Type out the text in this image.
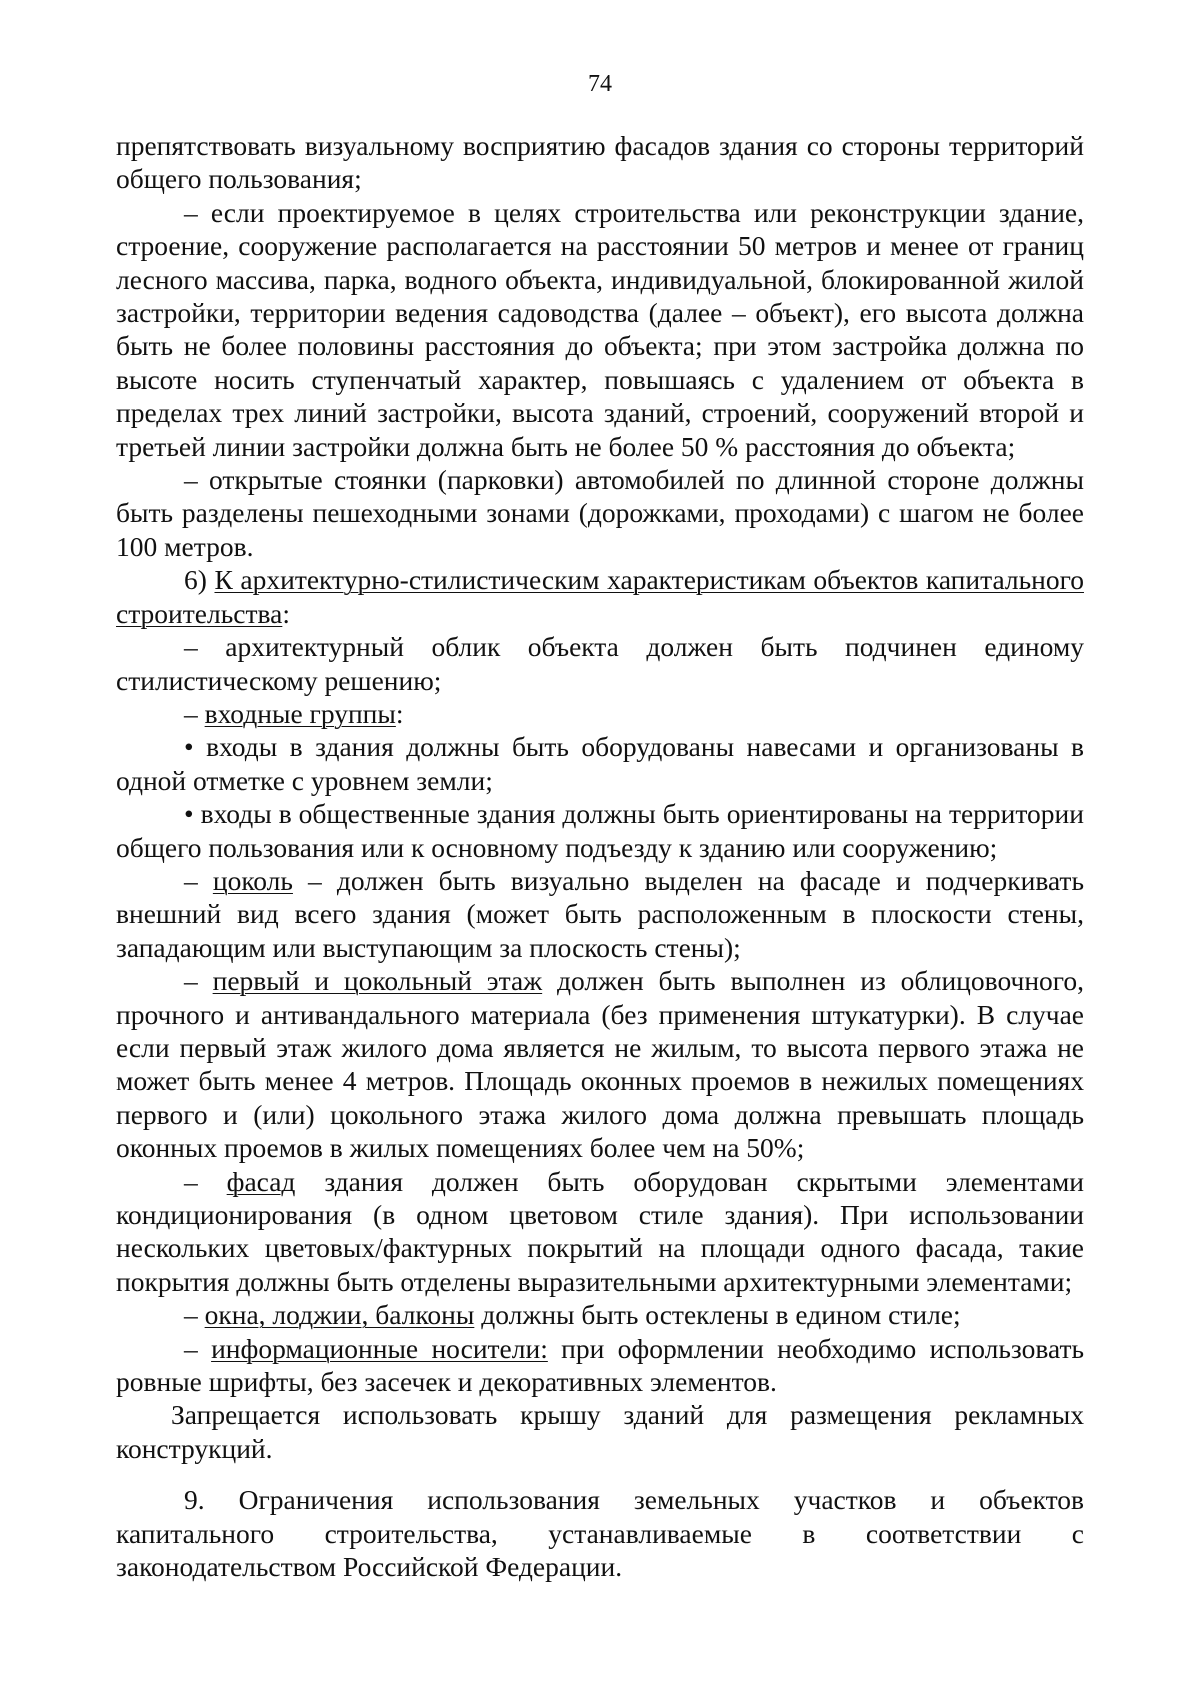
74

препятствовать визуальному восприятию фасадов здания со стороны территорий общего пользования;

– если проектируемое в целях строительства или реконструкции здание, строение, сооружение располагается на расстоянии 50 метров и менее от границ лесного массива, парка, водного объекта, индивидуальной, блокированной жилой застройки, территории ведения садоводства (далее – объект), его высота должна быть не более половины расстояния до объекта; при этом застройка должна по высоте носить ступенчатый характер, повышаясь с удалением от объекта в пределах трех линий застройки, высота зданий, строений, сооружений второй и третьей линии застройки должна быть не более 50 % расстояния до объекта;

– открытые стоянки (парковки) автомобилей по длинной стороне должны быть разделены пешеходными зонами (дорожками, проходами) с шагом не более 100 метров.

6) К архитектурно-стилистическим характеристикам объектов капитального строительства:

– архитектурный облик объекта должен быть подчинен единому стилистическому решению;

– входные группы:

• входы в здания должны быть оборудованы навесами и организованы в одной отметке с уровнем земли;

• входы в общественные здания должны быть ориентированы на территории общего пользования или к основному подъезду к зданию или сооружению;

– цоколь – должен быть визуально выделен на фасаде и подчеркивать внешний вид всего здания (может быть расположенным в плоскости стены, западающим или выступающим за плоскость стены);

– первый и цокольный этаж должен быть выполнен из облицовочного, прочного и антивандального материала (без применения штукатурки). В случае если первый этаж жилого дома является не жилым, то высота первого этажа не может быть менее 4 метров. Площадь оконных проемов в нежилых помещениях первого и (или) цокольного этажа жилого дома должна превышать площадь оконных проемов в жилых помещениях более чем на 50%;

– фасад здания должен быть оборудован скрытыми элементами кондиционирования (в одном цветовом стиле здания). При использовании нескольких цветовых/фактурных покрытий на площади одного фасада, такие покрытия должны быть отделены выразительными архитектурными элементами;

– окна, лоджии, балконы должны быть остеклены в едином стиле;

– информационные носители: при оформлении необходимо использовать ровные шрифты, без засечек и декоративных элементов.

Запрещается использовать крышу зданий для размещения рекламных конструкций.

9. Ограничения использования земельных участков и объектов капитального строительства, устанавливаемые в соответствии с законодательством Российской Федерации.
